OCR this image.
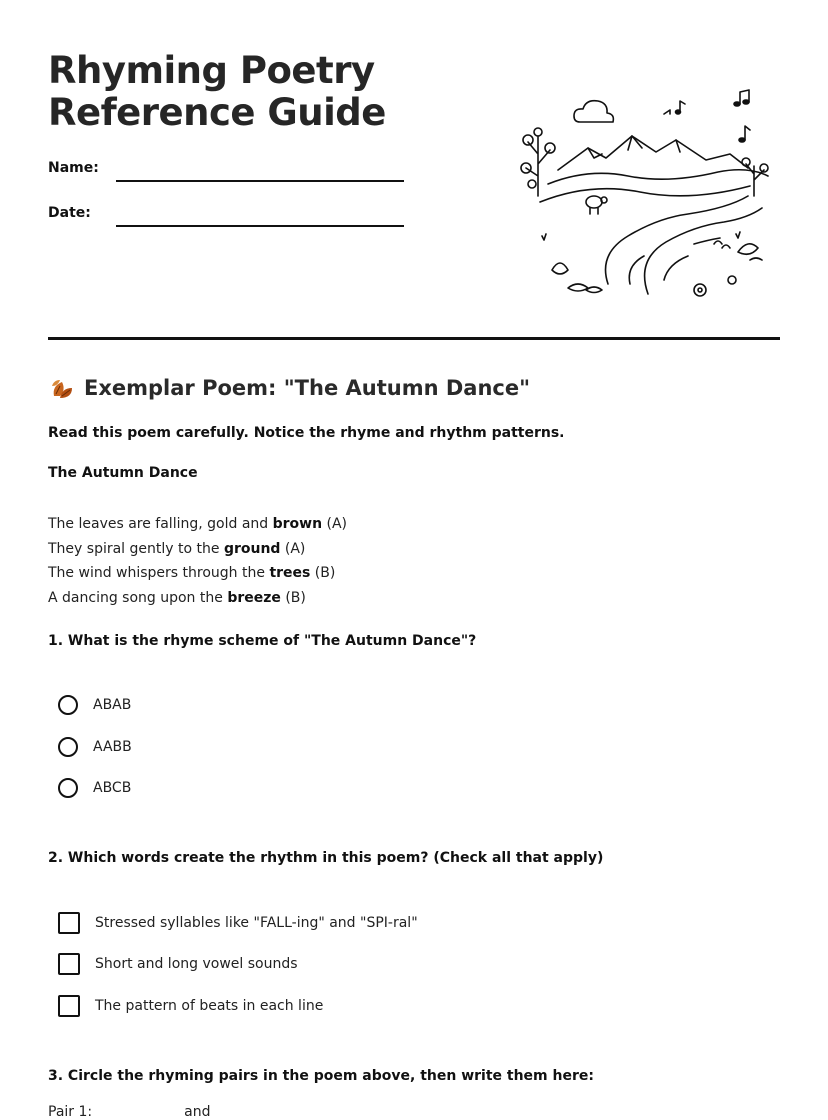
Rhyming Poetry
Reference Guide
Name:
Date:
Exemplar Poem: "The Autumn Dance"
Read this poem carefully. Notice the rhyme and rhythm patterns.
The Autumn Dance
The leaves are falling, gold and brown (A)
They spiral gently to the ground (A)
The wind whispers through the trees (B)
A dancing song upon the breeze (B)
1. What is the rhyme scheme of "The Autumn Dance"?
ABAB
AABB
ABCB
2. Which words create the rhythm in this poem? (Check all that apply)
Stressed syllables like "FALL-ing" and "SPI-ral"
Short and long vowel sounds
The pattern of beats in each line
3. Circle the rhyming pairs in the poem above, then write them here:
Pair 1:	and
